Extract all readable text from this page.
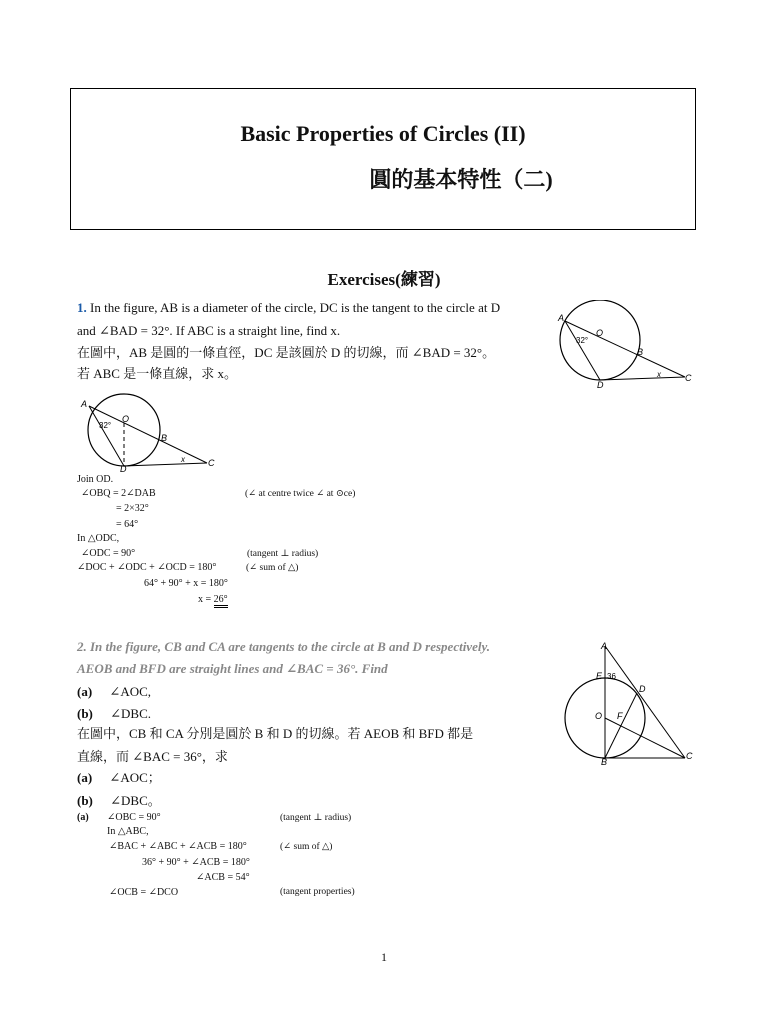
Basic Properties of Circles (II)
圓的基本特性（二)
Exercises(練習)
1. In the figure, AB is a diameter of the circle, DC is the tangent to the circle at D
and ∠BAD = 32°. If ABC is a straight line, find x.
在圖中，AB 是圓的一條直徑，DC 是該圓於 D 的切線，而 ∠BAD = 32°。
若 ABC 是一條直線，求 x。
A
O
B
C
D
x
32°
A
O
B
C
D
x
32°
Join OD.
∠OBQ = 2∠DAB	(∠ at centre twice ∠ at ⊙ce)
= 2×32°
= 64°
In △ODC,
∠ODC = 90°	(tangent ⊥ radius)
∠DOC + ∠ODC + ∠OCD = 180°	(∠ sum of △)
64° + 90° + x = 180°
x = 26°
2. In the figure, CB and CA are tangents to the circle at B and D respectively.
AEOB and BFD are straight lines and ∠BAC = 36°. Find
(a) ∠AOC,
(b) ∠DBC.
在圖中，CB 和 CA 分別是圓於 B 和 D 的切線。若 AEOB 和 BFD 都是
直線，而 ∠BAC = 36°，求
(a) ∠AOC；
(b) ∠DBC。
A
E 36
D
O F
B
C
(a) ∠OBC = 90°	(tangent ⊥ radius)
In △ABC,
∠BAC + ∠ABC + ∠ACB = 180°	(∠ sum of △)
36° + 90° + ∠ACB = 180°
∠ACB = 54°
∠OCB = ∠DCO	(tangent properties)
1
